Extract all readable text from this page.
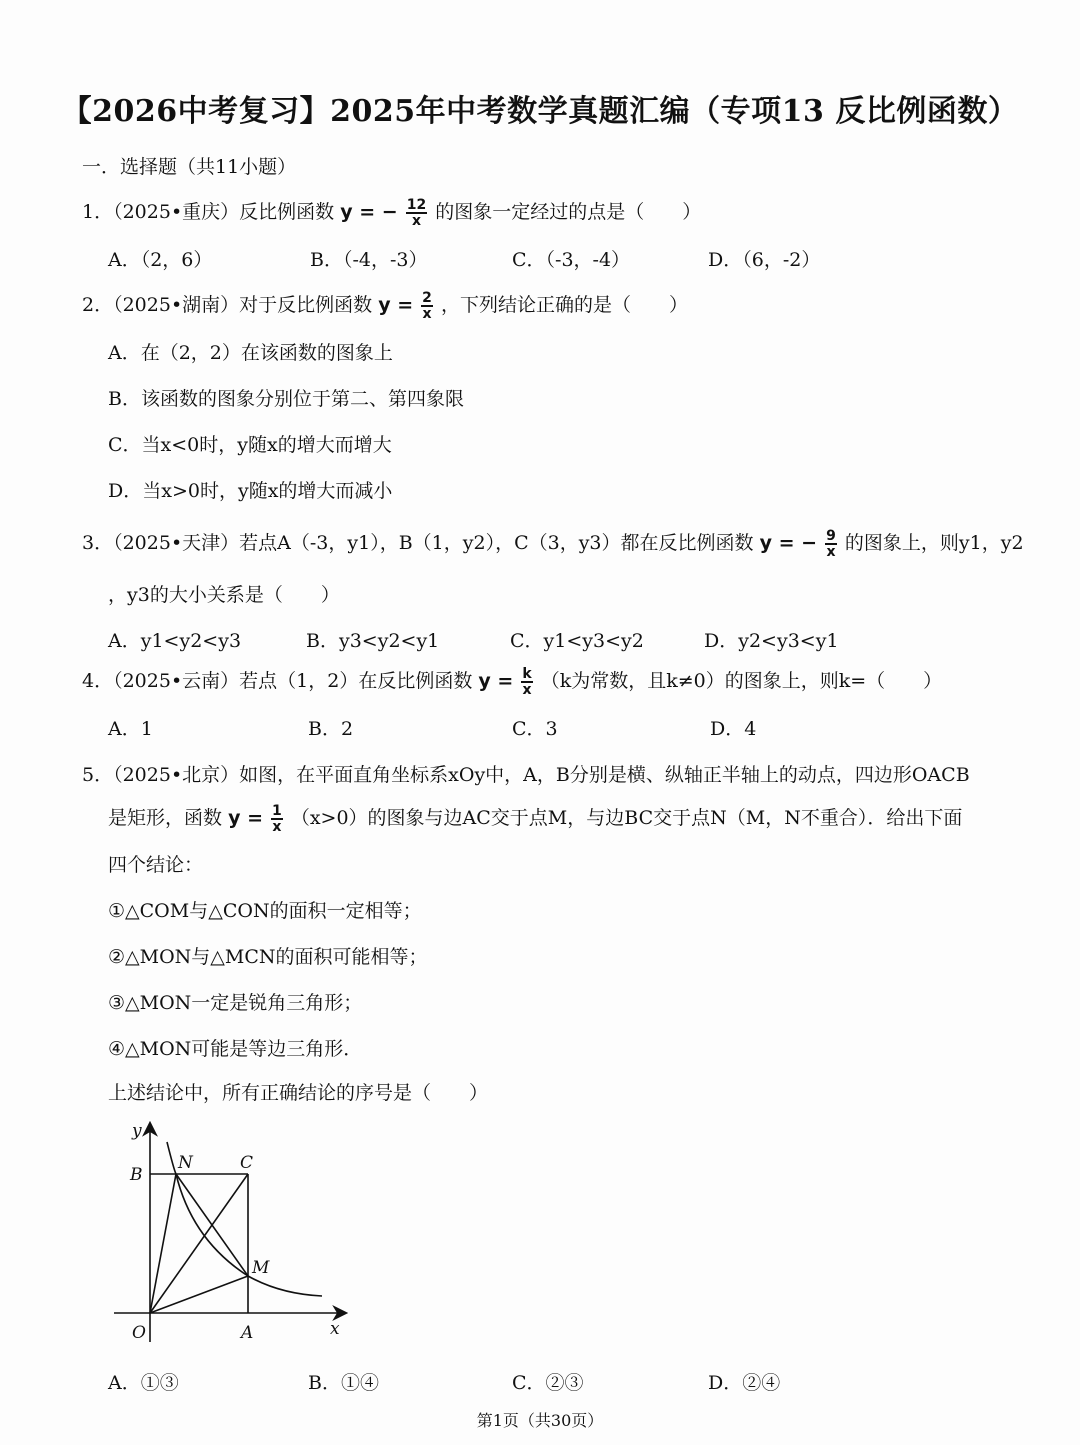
【2026中考复习】2025年中考数学真题汇编（专项13 反比例函数）
一．选择题（共11小题）
1．（2025•重庆）反比例函数 y = − $\frac{12}{x}$ 的图象一定经过的点是（　　）
A．（2，6）	B．（-4，-3）	C．（-3，-4）	D．（6，-2）
2．（2025•湖南）对于反比例函数 $y = \frac{2}{x}$ ，下列结论正确的是（　　）
A．在（2，2）在该函数的图象上
B．该函数的图象分别位于第二、第四象限
C．当x<0时，y随x的增大而增大
D．当x>0时，y随x的增大而减小
3．（2025•天津）若点A（-3，y1），B（1，y2），C（3，y3）都在反比例函数 y = − $\frac{9}{x}$ 的图象上，则y1，y2
，y3的大小关系是（　　）
A．y1<y2<y3	B．y3<y2<y1	C．y1<y3<y2	D．y2<y3<y1
4．（2025•云南）若点（1，2）在反比例函数 $y = \frac{k}{x} (k$为常数，且k≠0）的图象上，则k=（　　）
A．1	B．2	C．3	D．4
5．（2025•北京）如图，在平面直角坐标系xOy中，A，B分别是横、纵轴正半轴上的动点，四边形OACB
是矩形，函数 $y = \frac{1}{x} (x>0)$的图象与边AC交于点M，与边BC交于点N（M，N不重合）．给出下面
四个结论：
①△COM与△CON的面积一定相等；
②△MON与△MCN的面积可能相等；
③△MON一定是锐角三角形；
④△MON可能是等边三角形．
上述结论中，所有正确结论的序号是（　　）
y
x
O	A
B
C
M
N
A．①③	B．①④	C．②③	D．②④
第1页（共30页）
